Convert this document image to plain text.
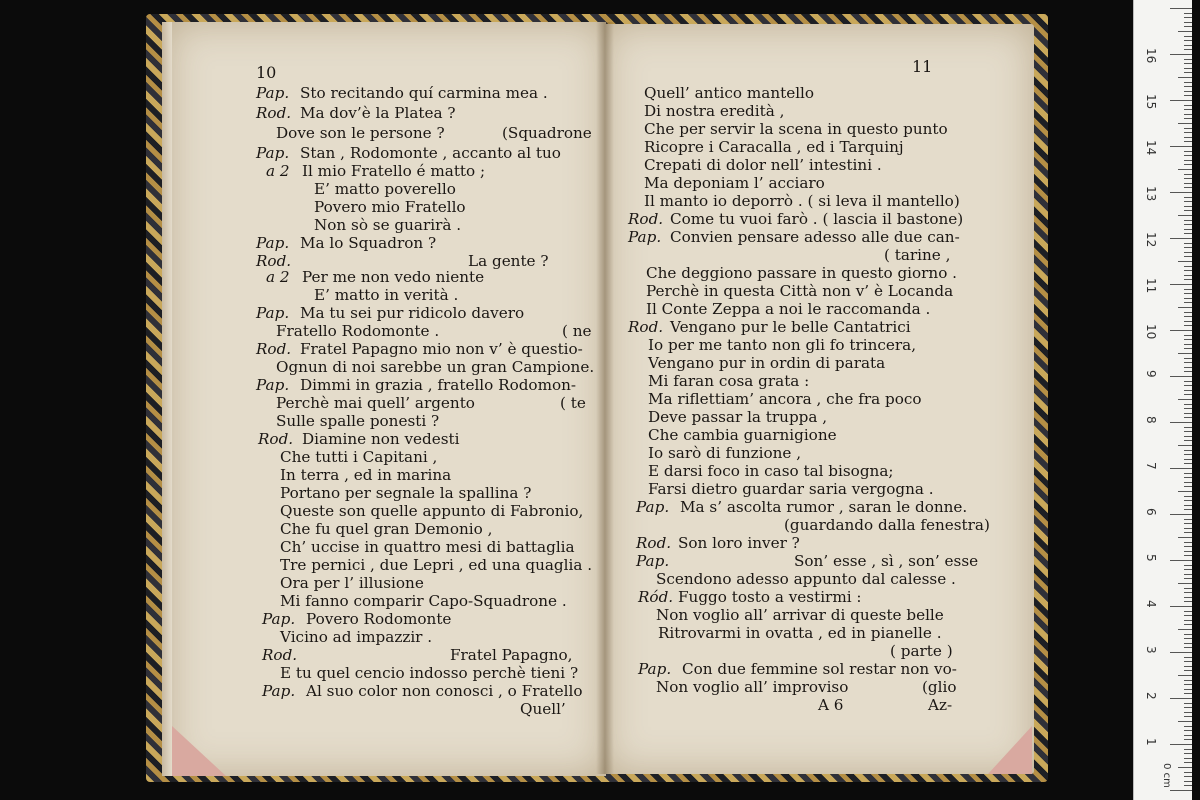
Pap. Sto recitando quí carmina mea .
Rod. Ma dov’è la Platea ?
Dove son le persone ?	(Squadrone
Pap. Stan , Rodomonte , accanto al tuo
a 2 Il mio Fratello é matto ;
E’ matto poverello
Povero mio Fratello
Non sò se guarirà .
Pap. Ma lo Squadron ?
Rod.	La gente ?
a 2 Per me non vedo niente
E’ matto in verità .
Pap. Ma tu sei pur ridicolo davero
Fratello Rodomonte .	( ne
Rod. Fratel Papagno mio non v’ è questio-
Ognun di noi sarebbe un gran Campione.
Pap. Dimmi in grazia , fratello Rodomon-
Perchè mai quell’ argento	( te
Sulle spalle ponesti ?
Rod. Diamine non vedesti
Che tutti i Capitani ,
In terra , ed in marina
Portano per segnale la spallina ?
Queste son quelle appunto di Fabronio,
Che fu quel gran Demonio ,
Ch’ uccise in quattro mesi di battaglia
Tre pernici , due Lepri , ed una quaglia .
Ora per l’ illusione
Mi fanno comparir Capo-Squadrone .
Pap. Povero Rodomonte
Vicino ad impazzir .
Rod.	Fratel Papagno,
E tu quel cencio indosso perchè tieni ?
Pap. Al suo color non conosci , o Fratello
Quell’
10
Quell’ antico mantello
Di nostra eredità ,
Che per servir la scena in questo punto
Ricopre i Caracalla , ed i Tarquinj
Crepati di dolor nell’ intestini .
Ma deponiam l’ acciaro
Il manto io deporrò . ( si leva il mantello)
Rod. Come tu vuoi farò . ( lascia il bastone)
Pap. Convien pensare adesso alle due can-
( tarine ,
Che deggiono passare in questo giorno .
Perchè in questa Città non v’ è Locanda
Il Conte Zeppa a noi le raccomanda .
Rod. Vengano pur le belle Cantatrici
Io per me tanto non gli fo trincera,
Vengano pur in ordin di parata
Mi faran cosa grata :
Ma riflettiam’ ancora , che fra poco
Deve passar la truppa ,
Che cambia guarnigione
Io sarò di funzione ,
E darsi foco in caso tal bisogna;
Farsi dietro guardar saria vergogna .
Pap. Ma s’ ascolta rumor , saran le donne.
(guardando dalla fenestra)
Rod. Son loro inver ?
Pap.	Son’ esse , sì , son’ esse
Scendono adesso appunto dal calesse .
Ród. Fuggo tosto a vestirmi :
Non voglio all’ arrivar di queste belle
Ritrovarmi in ovatta , ed in pianelle .
( parte )
Pap. Con due femmine sol restar non vo-
Non voglio all’ improviso	(glio
A 6	Az-
11
0 cm
1
2
3
4
5
6
7
8
9
10
11
12
13
14
15
16
